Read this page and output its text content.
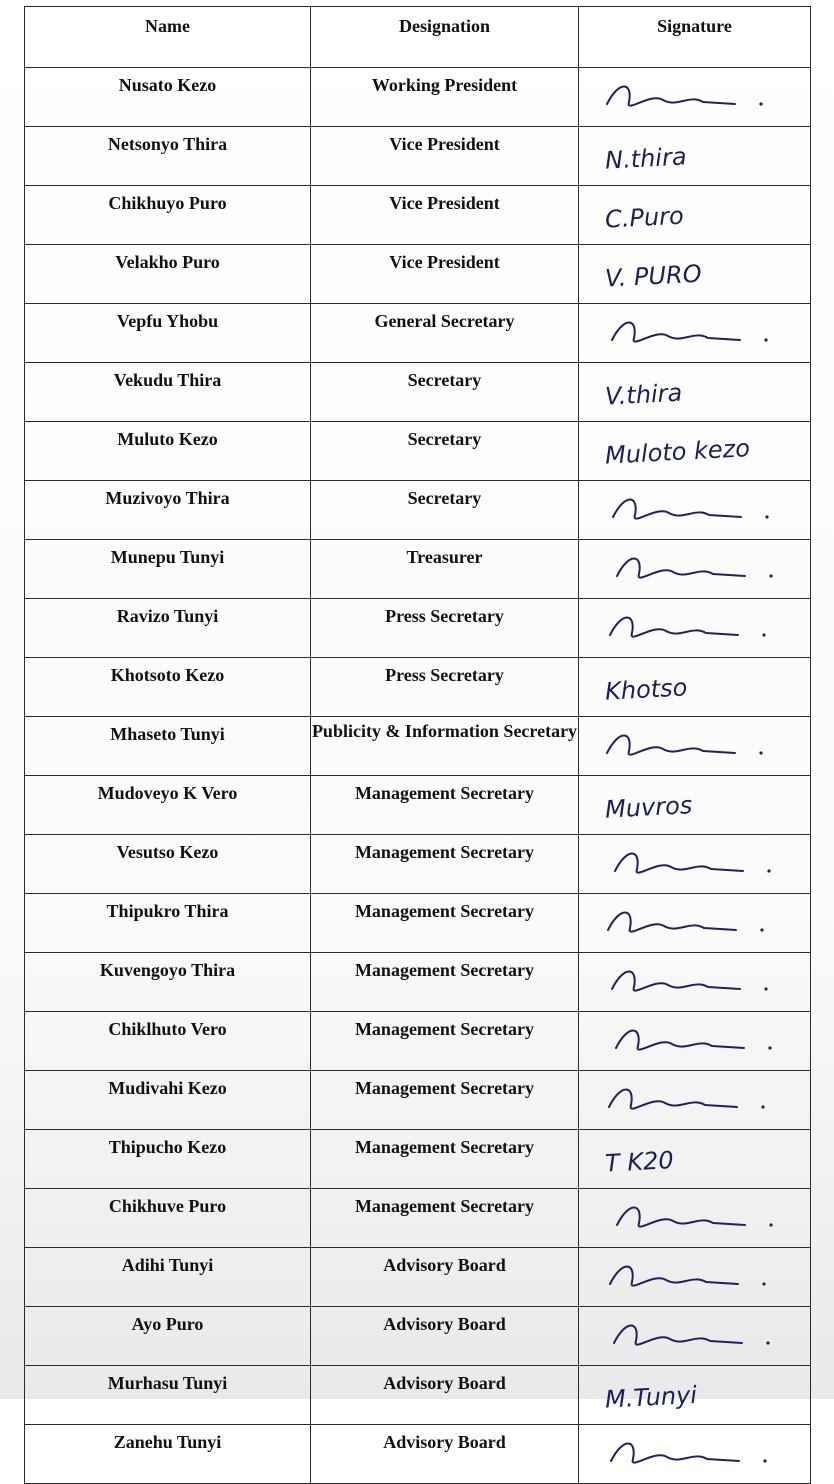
Name	Designation	Signature
Nusato Kezo	Working President	

Netsonyo Thira	Vice President	N.thira

Chikhuyo Puro	Vice President	C.Puro

Velakho Puro	Vice President	V. PURO

Vepfu Yhobu	General Secretary	

Vekudu Thira	Secretary	V.thira

Muluto Kezo	Secretary	Muloto kezo

Muzivoyo Thira	Secretary	

Munepu Tunyi	Treasurer	

Ravizo Tunyi	Press Secretary	

Khotsoto Kezo	Press Secretary	Khotso

Mhaseto Tunyi	Publicity & Information Secretary	

Mudoveyo K Vero	Management Secretary	Muvros

Vesutso Kezo	Management Secretary	

Thipukro Thira	Management Secretary	

Kuvengoyo Thira	Management Secretary	

Chiklhuto Vero	Management Secretary	

Mudivahi Kezo	Management Secretary	

Thipucho Kezo	Management Secretary	T K20

Chikhuve Puro	Management Secretary	

Adihi Tunyi	Advisory Board	

Ayo Puro	Advisory Board	

Murhasu Tunyi	Advisory Board	M.Tunyi

Zanehu Tunyi	Advisory Board	
